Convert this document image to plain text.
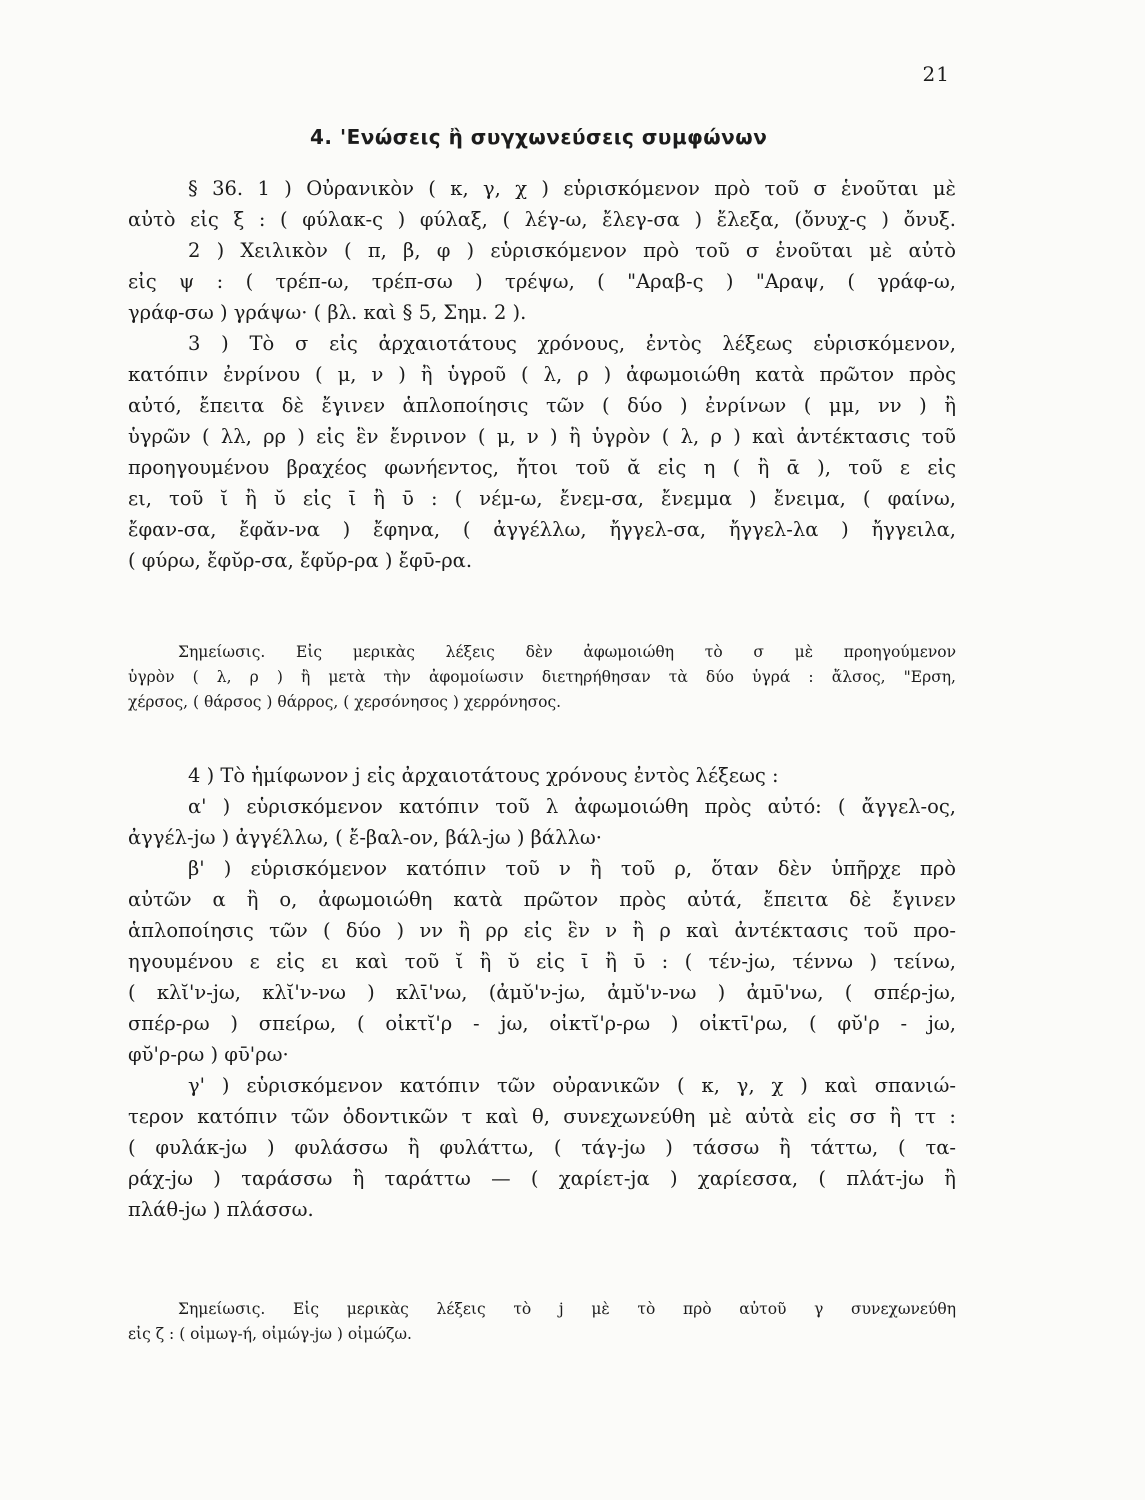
21
4. 'Ενώσεις ἢ συγχωνεύσεις συμφώνων
§ 36. 1 ) Οὐρανικὸν ( κ, γ, χ ) εὑρισκόμενον πρὸ τοῦ σ ἑνοῦται μὲ
αὐτὸ εἰς ξ : ( φύλακ-ς ) φύλαξ, ( λέγ-ω, ἔλεγ-σα ) ἔλεξα, (ὄνυχ-ς ) ὄνυξ.
2 ) Χειλικὸν ( π, β, φ ) εὑρισκόμενον πρὸ τοῦ σ ἑνοῦται μὲ αὐτὸ
εἰς ψ : ( τρέπ-ω, τρέπ-σω ) τρέψω, ( "Αραβ-ς ) "Αραψ, ( γράφ-ω,
γράφ-σω ) γράψω· ( βλ. καὶ § 5, Σημ. 2 ).
3 ) Τὸ σ εἰς ἀρχαιοτάτους χρόνους, ἐντὸς λέξεως εὑρισκόμενον,
κατόπιν ἐνρίνου ( μ, ν ) ἢ ὑγροῦ ( λ, ρ ) ἀφωμοιώθη κατὰ πρῶτον πρὸς
αὐτό, ἔπειτα δὲ ἔγινεν ἁπλοποίησις τῶν ( δύο ) ἐνρίνων ( μμ, νν ) ἢ
ὑγρῶν ( λλ, ρρ ) εἰς ἓν ἔνρινον ( μ, ν ) ἢ ὑγρὸν ( λ, ρ ) καὶ ἀντέκτασις τοῦ
προηγουμένου βραχέος φωνήεντος, ἤτοι τοῦ ᾰ εἰς η ( ἢ ᾱ ), τοῦ ε εἰς
ει, τοῦ ῐ ἢ ῠ εἰς ῑ ἢ ῡ : ( νέμ-ω, ἔνεμ-σα, ἔνεμμα ) ἔνειμα, ( φαίνω,
ἔφαν-σα, ἔφᾰν-να ) ἔφηνα, ( ἀγγέλλω, ἤγγελ-σα, ἤγγελ-λα ) ἤγγειλα,
( φύρω, ἔφῠρ-σα, ἔφῠρ-ρα ) ἔφῡ-ρα.
Σημείωσις. Εἰς μερικὰς λέξεις δὲν ἀφωμοιώθη τὸ σ μὲ προηγούμενον
ὑγρὸν ( λ, ρ ) ἢ μετὰ τὴν ἀφομοίωσιν διετηρήθησαν τὰ δύο ὑγρά : ἄλσος, "Ερση,
χέρσος, ( θάρσος ) θάρρος, ( χερσόνησος ) χερρόνησος.
4 ) Τὸ ἡμίφωνον j εἰς ἀρχαιοτάτους χρόνους ἐντὸς λέξεως :
α' ) εὑρισκόμενον κατόπιν τοῦ λ ἀφωμοιώθη πρὸς αὐτό: ( ἄγγελ-ος,
ἀγγέλ-jω ) ἀγγέλλω, ( ἔ-βαλ-ον, βάλ-jω ) βάλλω·
β' ) εὑρισκόμενον κατόπιν τοῦ ν ἢ τοῦ ρ, ὅταν δὲν ὑπῆρχε πρὸ
αὐτῶν α ἢ ο, ἀφωμοιώθη κατὰ πρῶτον πρὸς αὐτά, ἔπειτα δὲ ἔγινεν
ἁπλοποίησις τῶν ( δύο ) νν ἢ ρρ εἰς ἓν ν ἢ ρ καὶ ἀντέκτασις τοῦ προ-
ηγουμένου ε εἰς ει καὶ τοῦ ῐ ἢ ῠ εἰς ῑ ἢ ῡ : ( τέν-jω, τέννω ) τείνω,
( κλῐ'ν-jω, κλῐ'ν-νω ) κλῑ'νω, (ἀμῠ'ν-jω, ἀμῠ'ν-νω ) ἀμῡ'νω, ( σπέρ-jω,
σπέρ-ρω ) σπείρω, ( οἰκτῐ'ρ - jω, οἰκτῐ'ρ-ρω ) οἰκτῑ'ρω, ( φῠ'ρ - jω,
φῠ'ρ-ρω ) φῡ'ρω·
γ' ) εὑρισκόμενον κατόπιν τῶν οὐρανικῶν ( κ, γ, χ ) καὶ σπανιώ-
τερον κατόπιν τῶν ὀδοντικῶν τ καὶ θ, συνεχωνεύθη μὲ αὐτὰ εἰς σσ ἢ ττ :
( φυλάκ-jω ) φυλάσσω ἢ φυλάττω, ( τάγ-jω ) τάσσω ἢ τάττω, ( τα-
ράχ-jω ) ταράσσω ἢ ταράττω — ( χαρίετ-jα ) χαρίεσσα, ( πλάτ-jω ἢ
πλάθ-jω ) πλάσσω.
Σημείωσις. Εἰς μερικὰς λέξεις τὸ j μὲ τὸ πρὸ αὐτοῦ γ συνεχωνεύθη
εἰς ζ : ( οἰμωγ-ή, οἰμώγ-jω ) οἰμώζω.
